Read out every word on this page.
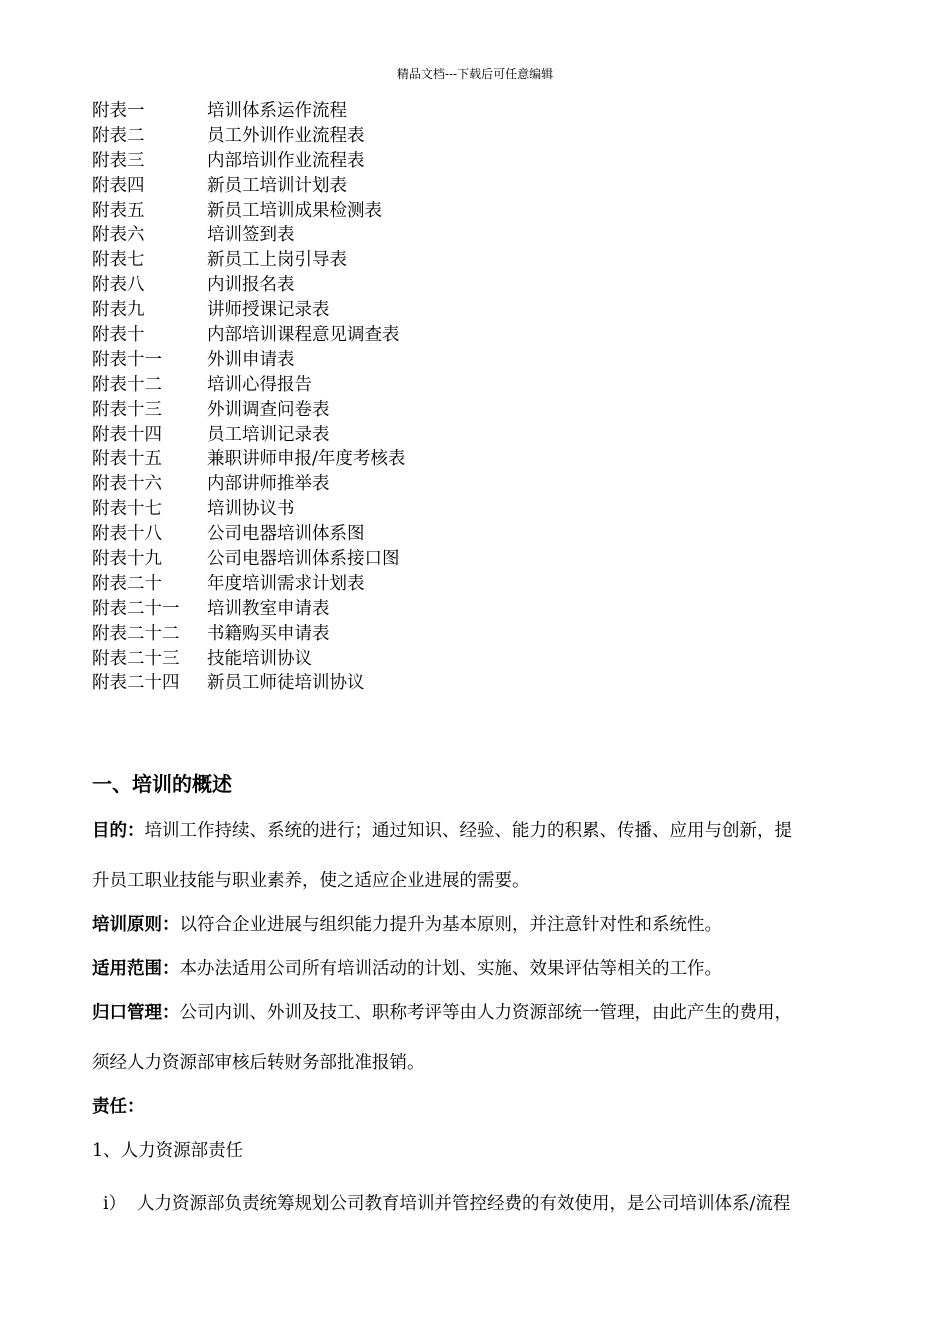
精品文档---下载后可任意编辑
附表一	培训体系运作流程
附表二	员工外训作业流程表
附表三	内部培训作业流程表
附表四	新员工培训计划表
附表五	新员工培训成果检测表
附表六	培训签到表
附表七	新员工上岗引导表
附表八	内训报名表
附表九	讲师授课记录表
附表十	内部培训课程意见调查表
附表十一	外训申请表
附表十二	培训心得报告
附表十三	外训调查问卷表
附表十四	员工培训记录表
附表十五	兼职讲师申报/年度考核表
附表十六	内部讲师推举表
附表十七	培训协议书
附表十八	公司电器培训体系图
附表十九	公司电器培训体系接口图
附表二十	年度培训需求计划表
附表二十一 培训教室申请表
附表二十二 书籍购买申请表
附表二十三 技能培训协议
附表二十四 新员工师徒培训协议
一、培训的概述
目的：培训工作持续、系统的进行；通过知识、经验、能力的积累、传播、应用与创新，提
升员工职业技能与职业素养，使之适应企业进展的需要。
培训原则：以符合企业进展与组织能力提升为基本原则，并注意针对性和系统性。
适用范围：本办法适用公司所有培训活动的计划、实施、效果评估等相关的工作。
归口管理：公司内训、外训及技工、职称考评等由人力资源部统一管理，由此产生的费用，
须经人力资源部审核后转财务部批准报销。
责任：
1、人力资源部责任
i） 人力资源部负责统筹规划公司教育培训并管控经费的有效使用，是公司培训体系/流程
